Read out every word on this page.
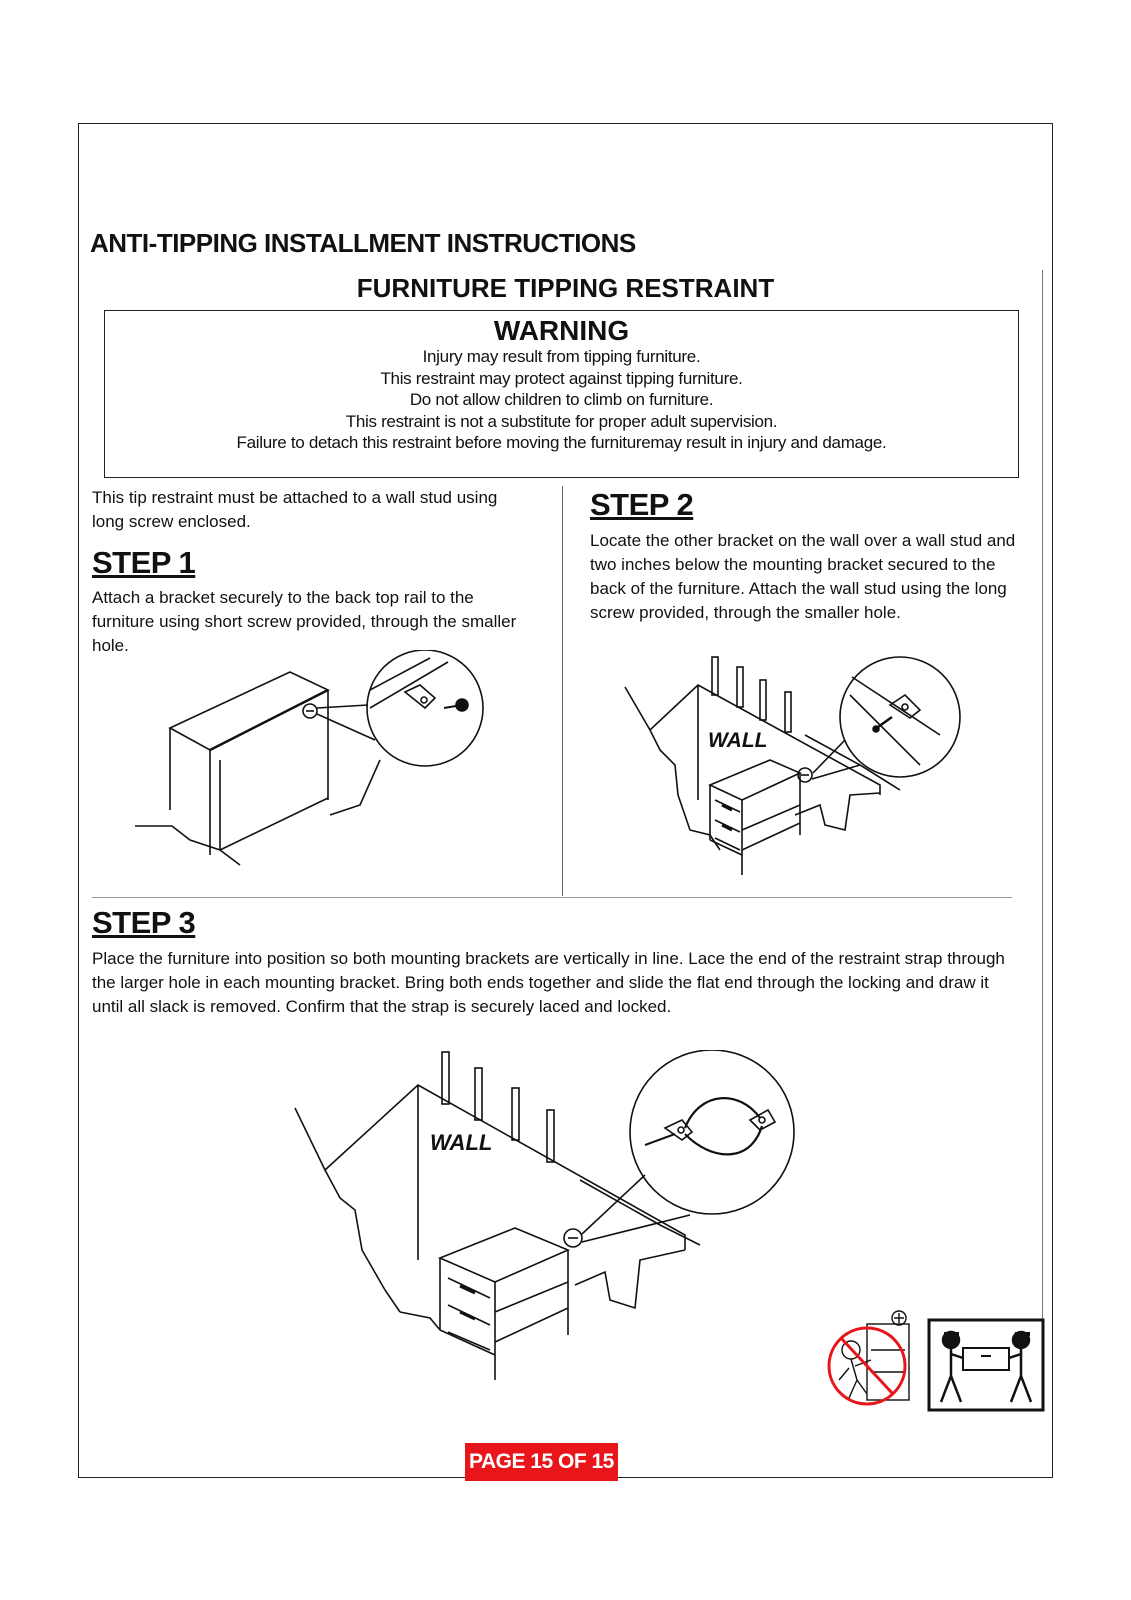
ANTI-TIPPING INSTALLMENT INSTRUCTIONS
FURNITURE TIPPING RESTRAINT
WARNING
Injury may result from tipping furniture.
This restraint may protect against tipping furniture.
Do not allow children to climb on furniture.
This restraint is not a substitute for proper adult supervision.
Failure to detach this restraint before moving the furnituremay result in injury and damage.

This tip restraint must be attached to a wall stud using long screw enclosed.

STEP 1

Attach a bracket securely to the back top rail to the furniture using short screw provided, through the smaller hole.

STEP 2

Locate the other bracket on the wall over a wall stud and two inches below the mounting bracket secured to the back of the furniture. Attach the wall stud using the long screw provided, through the smaller hole.

WALL
STEP 3

Place the furniture into position so both mounting brackets are vertically in line. Lace the end of the restraint strap through the larger hole in each mounting bracket. Bring both ends together and slide the flat end through the locking and draw it until all slack is removed. Confirm that the strap is securely laced and locked.

WALL
PAGE 15 OF 15
